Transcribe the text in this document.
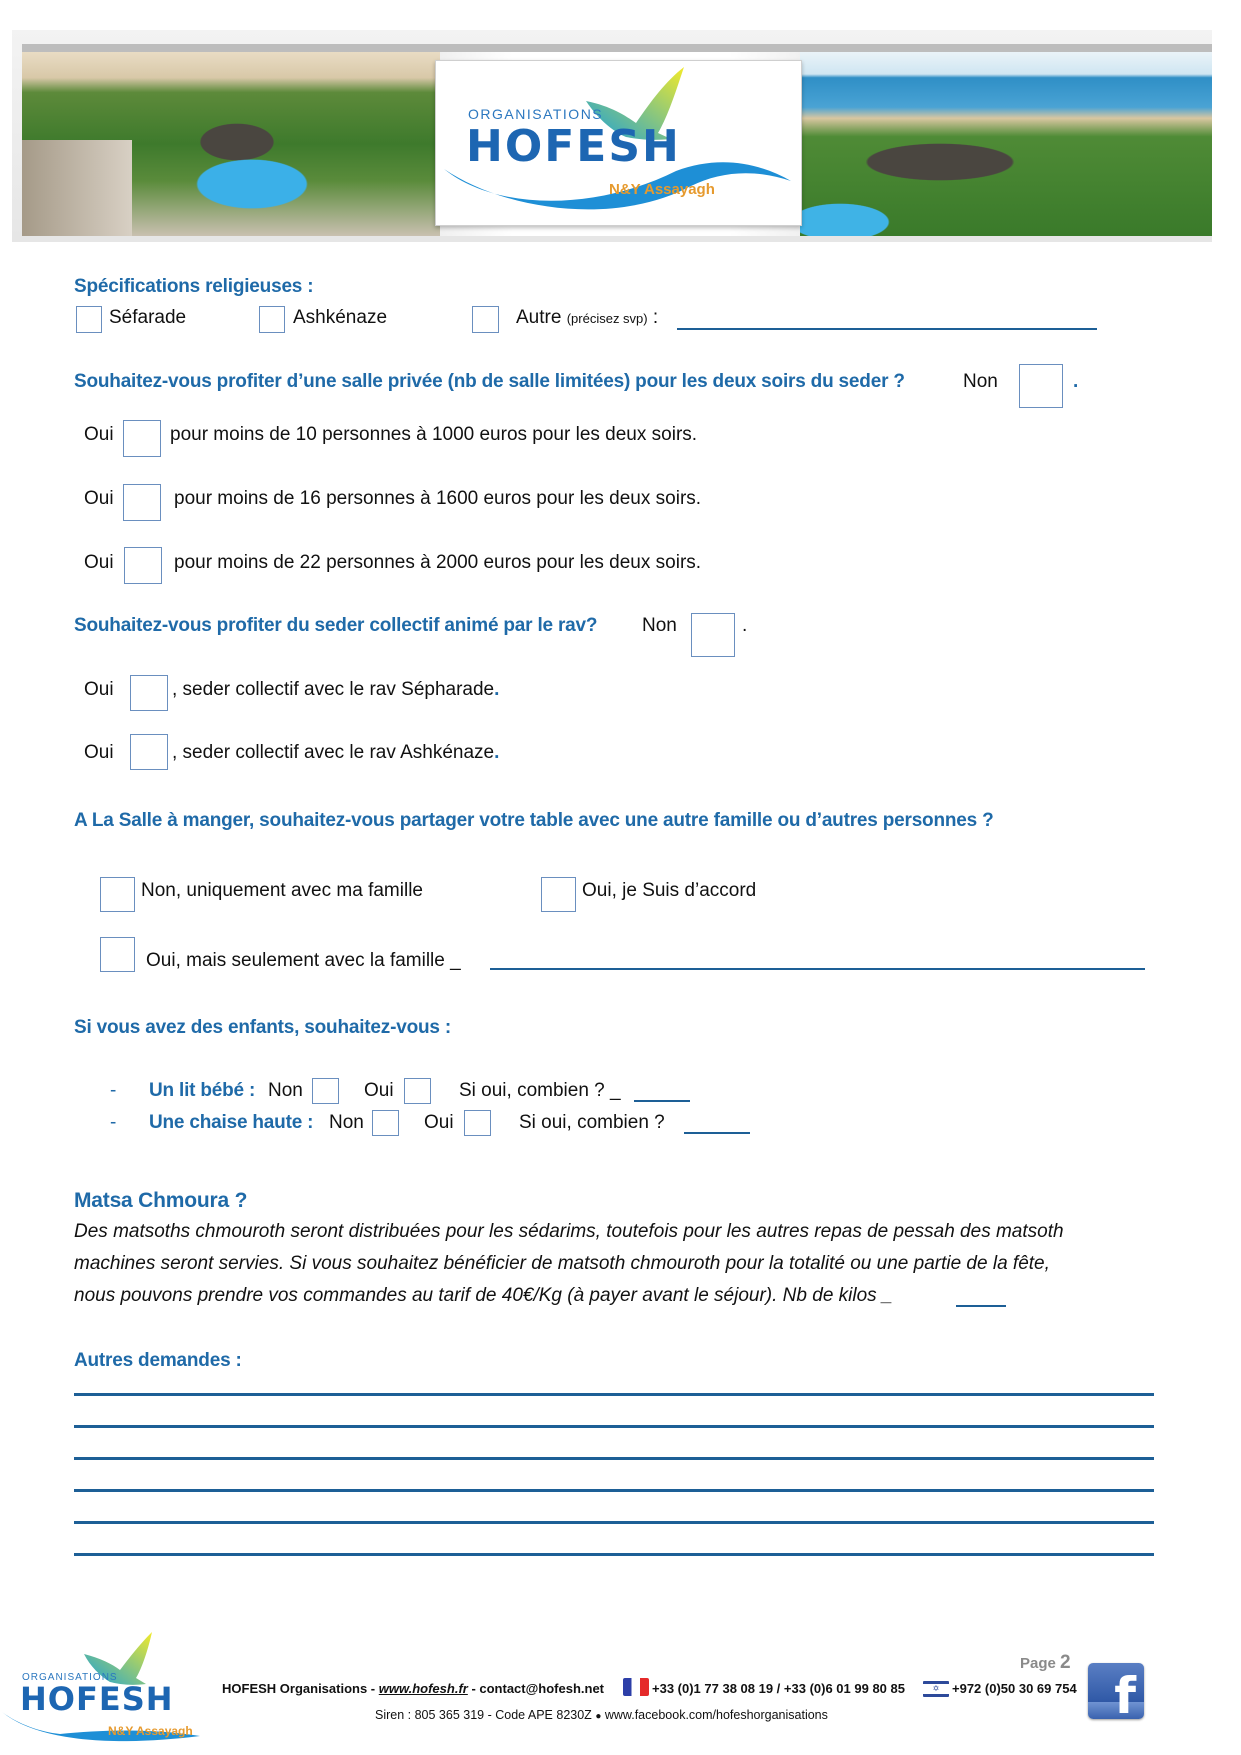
ORGANISATIONS
HOFESH
N&Y Assayagh
Spécifications religieuses :
Séfarade	Ashkénaze	Autre (précisez svp) :
Souhaitez-vous profiter d’une salle privée (nb de salle limitées) pour les deux soirs du seder ?	Non	.
Oui	pour moins de 10 personnes à 1000 euros pour les deux soirs.
Oui	pour moins de 16 personnes à 1600 euros pour les deux soirs.
Oui	pour moins de 22 personnes à 2000 euros pour les deux soirs.
Souhaitez-vous profiter du seder collectif animé par le rav? Non	.
Oui	, seder collectif avec le rav Sépharade.
Oui	, seder collectif avec le rav Ashkénaze.
A La Salle à manger, souhaitez-vous partager votre table avec une autre famille ou d’autres personnes ?
Non, uniquement avec ma famille	Oui, je Suis d’accord
Oui, mais seulement avec la famille _
Si vous avez des enfants, souhaitez-vous :
- Un lit bébé : Non	Oui	Si oui, combien ? _
- Une chaise haute : Non	Oui	Si oui, combien ?
Matsa Chmoura ?
Des matsoths chmouroth seront distribuées pour les sédarims, toutefois pour les autres repas de pessah des matsoth
machines seront servies. Si vous souhaitez bénéficier de matsoth chmouroth pour la totalité ou une partie de la fête,
nous pouvons prendre vos commandes au tarif de 40€/Kg (à payer avant le séjour). Nb de kilos _
Autres demandes :
ORGANISATIONS
HOFESH
N&Y Assayagh
HOFESH Organisations - www.hofesh.fr - contact@hofesh.net	+33 (0)1 77 38 08 19 / +33 (0)6 01 99 80 85	✡ +972 (0)50 30 69 754
Page 2
f
Siren : 805 365 319 - Code APE 8230Z ● www.facebook.com/hofeshorganisations
